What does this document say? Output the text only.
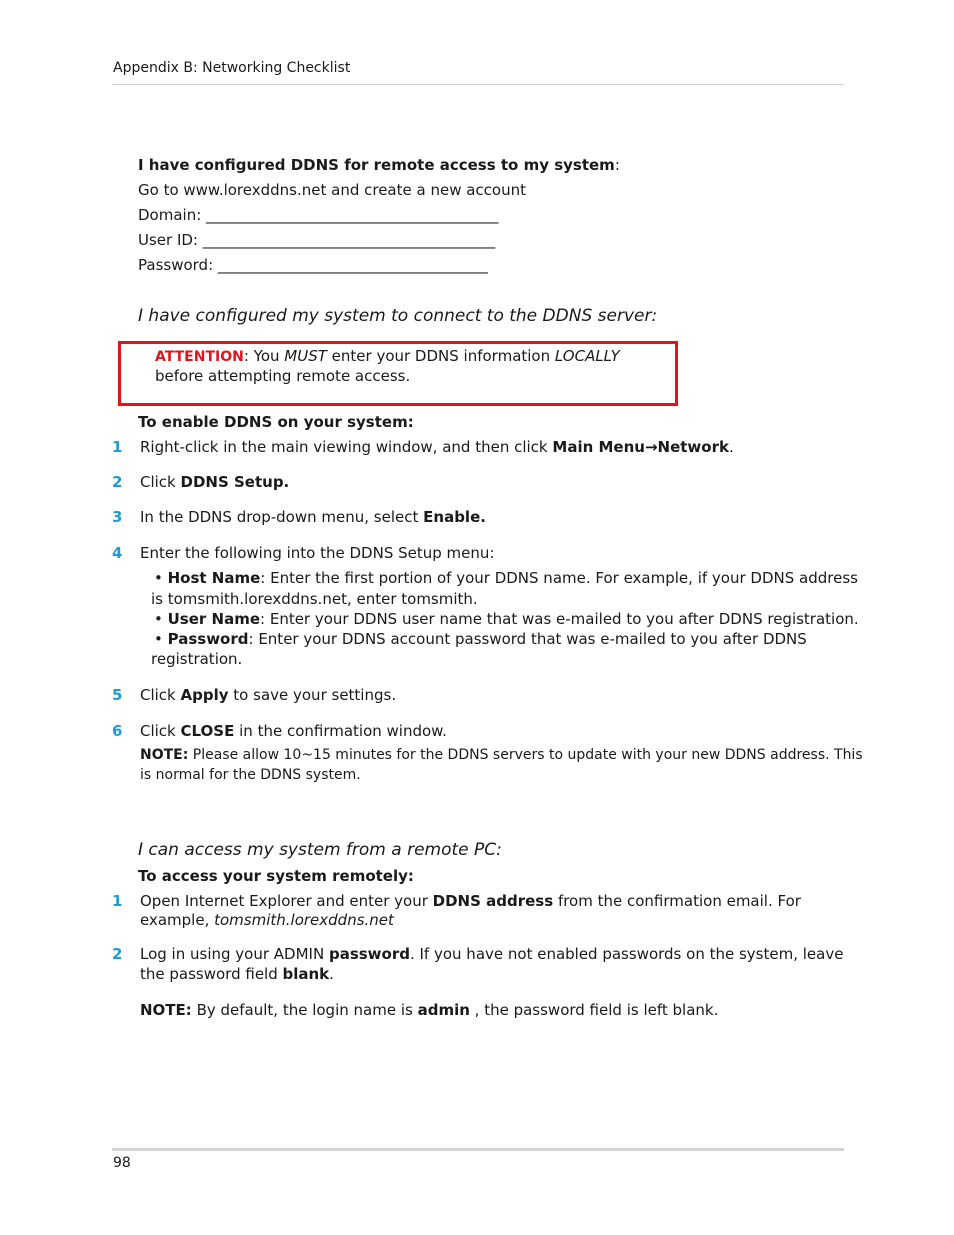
Appendix B: Networking Checklist
I have configured DDNS for remote access to my system:
Go to www.lorexddns.net and create a new account
Domain: _______________________________________
User ID: _______________________________________
Password: ____________________________________
I have configured my system to connect to the DDNS server:
ATTENTION: You MUST enter your DDNS information LOCALLY
before attempting remote access.
To enable DDNS on your system:
1 Right-click in the main viewing window, and then click Main Menu→Network.
2 Click DDNS Setup.
3 In the DDNS drop-down menu, select Enable.
4 Enter the following into the DDNS Setup menu:
• Host Name: Enter the first portion of your DDNS name. For example, if your DDNS address
is tomsmith.lorexddns.net, enter tomsmith.
• User Name: Enter your DDNS user name that was e-mailed to you after DDNS registration.
• Password: Enter your DDNS account password that was e-mailed to you after DDNS
registration.
5 Click Apply to save your settings.
6 Click CLOSE in the confirmation window.
NOTE: Please allow 10~15 minutes for the DDNS servers to update with your new DDNS address. This
is normal for the DDNS system.
I can access my system from a remote PC:
To access your system remotely:
1 Open Internet Explorer and enter your DDNS address from the confirmation email. For
example, tomsmith.lorexddns.net
2 Log in using your ADMIN password. If you have not enabled passwords on the system, leave
the password field blank.
NOTE: By default, the login name is admin , the password field is left blank.
98
